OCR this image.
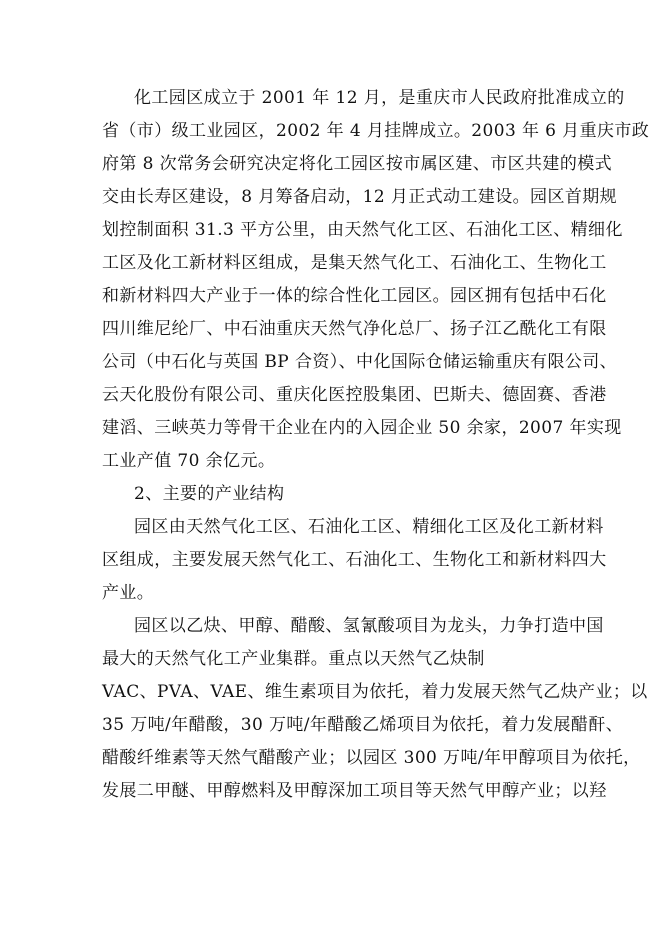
化工园区成立于 2001 年 12 月，是重庆市人民政府批准成立的
省（市）级工业园区，2002 年 4 月挂牌成立。2003 年 6 月重庆市政
府第 8 次常务会研究决定将化工园区按市属区建、市区共建的模式
交由长寿区建设，8 月筹备启动，12 月正式动工建设。园区首期规
划控制面积 31.3 平方公里，由天然气化工区、石油化工区、精细化
工区及化工新材料区组成，是集天然气化工、石油化工、生物化工
和新材料四大产业于一体的综合性化工园区。园区拥有包括中石化
四川维尼纶厂、中石油重庆天然气净化总厂、扬子江乙酰化工有限
公司（中石化与英国 BP 合资）、中化国际仓储运输重庆有限公司、
云天化股份有限公司、重庆化医控股集团、巴斯夫、德固赛、香港
建滔、三峡英力等骨干企业在内的入园企业 50 余家，2007 年实现
工业产值 70 余亿元。
2、主要的产业结构
园区由天然气化工区、石油化工区、精细化工区及化工新材料
区组成，主要发展天然气化工、石油化工、生物化工和新材料四大
产业。
园区以乙炔、甲醇、醋酸、氢氰酸项目为龙头，力争打造中国
最大的天然气化工产业集群。重点以天然气乙炔制
VAC、PVA、VAE、维生素项目为依托，着力发展天然气乙炔产业；以
35 万吨/年醋酸，30 万吨/年醋酸乙烯项目为依托，着力发展醋酐、
醋酸纤维素等天然气醋酸产业；以园区 300 万吨/年甲醇项目为依托，
发展二甲醚、甲醇燃料及甲醇深加工项目等天然气甲醇产业；以羟
